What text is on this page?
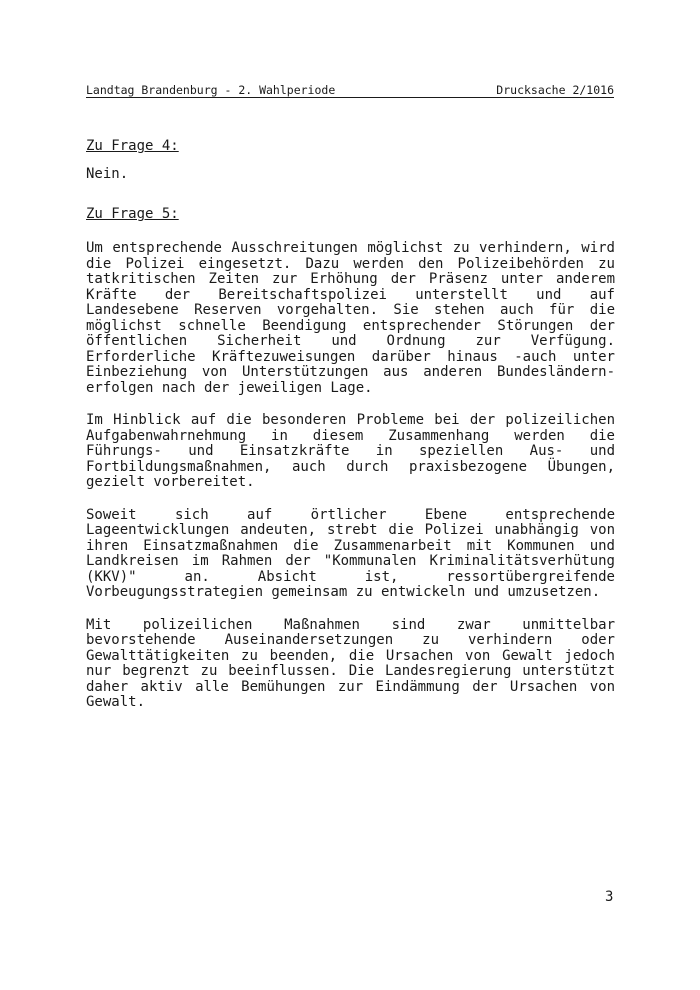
Landtag Brandenburg - 2. Wahlperiode	Drucksache 2/1016

Zu Frage 4:

Nein.

Zu Frage 5:

Um entsprechende Ausschreitungen möglichst zu verhindern, wird die Polizei eingesetzt. Dazu werden den Polizeibehörden zu tatkritischen Zeiten zur Erhöhung der Präsenz unter anderem Kräfte der Bereitschaftspolizei unterstellt und auf Landesebene Reserven vorgehalten. Sie stehen auch für die möglichst schnelle Beendigung entsprechender Störungen der öffentlichen Sicherheit und Ordnung zur Verfügung. Erforderliche Kräftezuweisungen darüber hinaus -auch unter Einbeziehung von Unterstützungen aus anderen Bundesländern- erfolgen nach der jeweiligen Lage.

Im Hinblick auf die besonderen Probleme bei der polizeilichen Aufgabenwahrnehmung in diesem Zusammenhang werden die Führungs- und Einsatzkräfte in speziellen Aus- und Fortbildungsmaßnahmen, auch durch praxisbezogene Übungen, gezielt vorbereitet.

Soweit sich auf örtlicher Ebene entsprechende Lageentwicklungen andeuten, strebt die Polizei unabhängig von ihren Einsatzmaßnahmen die Zusammenarbeit mit Kommunen und Landkreisen im Rahmen der "Kommunalen Kriminalitätsverhütung (KKV)" an. Absicht ist, ressortübergreifende Vorbeugungsstrategien gemeinsam zu entwickeln und umzusetzen.

Mit polizeilichen Maßnahmen sind zwar unmittelbar bevorstehende Auseinandersetzungen zu verhindern oder Gewalttätigkeiten zu beenden, die Ursachen von Gewalt jedoch nur begrenzt zu beeinflussen. Die Landesregierung unterstützt daher aktiv alle Bemühungen zur Eindämmung der Ursachen von Gewalt.

3
